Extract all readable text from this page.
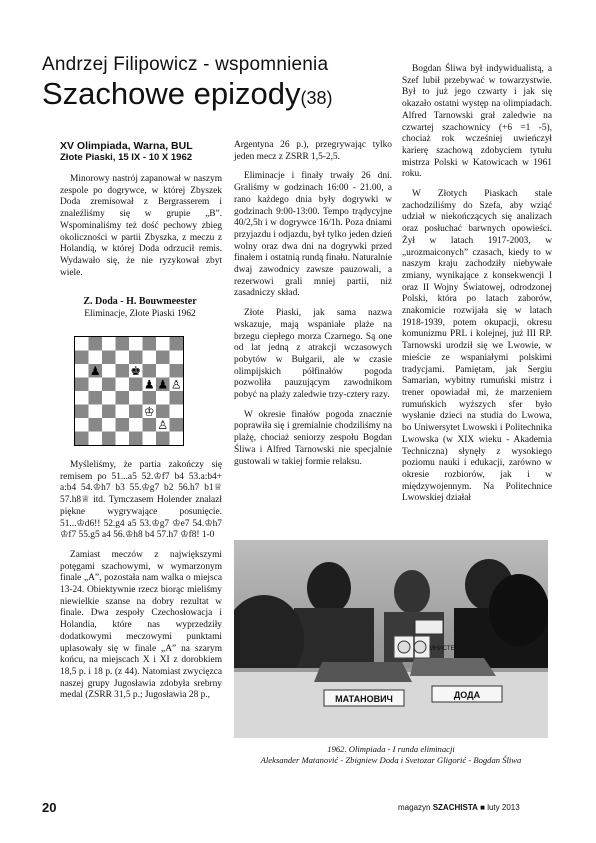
Andrzej Filipowicz - wspomnienia
Szachowe epizody(38)
XV Olimpiada, Warna, BUL
Złote Piaski, 15 IX - 10 X 1962

Minorowy nastrój zapanował w naszym zespole po dogrywce, w której Zbyszek Doda zremisował z Bergrasserem i znaleźliśmy się w grupie „B”. Wspominaliśmy też dość pechowy zbieg okoliczności w partii Zbyszka, z meczu z Holandią, w której Doda odrzucił remis. Wydawało się, że nie ryzykował zbyt wiele.

Z. Doda - H. Bouwmeester
Eliminacje, Złote Piaski 1962
♟ ♚
♟ ♟ ♙
♔
♙

Myśleliśmy, że partia zakończy się remisem po 51...a5 52.♔f7 b4 53.a:b4+ a:b4 54.♔h7 b3 55.♔g7 b2 56.h7 b1♕ 57.h8♕ itd. Tymczasem Holender znalazł piękne wygrywające posunięcie. 51...♔d6!! 52.g4 a5 53.♔g7 ♔e7 54.♔h7 ♔f7 55.g5 a4 56.♔h8 b4 57.h7 ♔f8! 1-0

Zamiast meczów z największymi potęgami szachowymi, w wymarzonym finale „A”, pozostała nam walka o miejsca 13-24. Obiektywnie rzecz biorąc mieliśmy niewielkie szanse na dobry rezultat w finale. Dwa zespoły Czechosłowacja i Holandia, które nas wyprzedziły dodatkowymi meczowymi punktami uplasowały się w finale „A” na szarym końcu, na miejscach X i XI z dorobkiem 18,5 p. i 18 p. (z 44). Natomiast zwycięzca naszej grupy Jugosławia zdobyła srebrny medal (ZSRR 31,5 p.; Jugosławia 28 p.,

Argentyna 26 p.), przegrywając tylko jeden mecz z ZSRR 1,5-2,5.

Eliminacje i finały trwały 26 dni. Graliśmy w godzinach 16:00 - 21.00, a rano każdego dnia były dogrywki w godzinach 9:00-13:00. Tempo trądycyjne 40/2,5h i w dogrywce 16/1h. Poza dniami przyjazdu i odjazdu, był tylko jeden dzień wolny oraz dwa dni na dogrywki przed finałem i ostatnią rundą finału. Naturalnie dwaj zawodnicy zawsze pauzowali, a rezerwowi grali mniej partii, niż zasadniczy skład.

Złote Piaski, jak sama nazwa wskazuje, mają wspaniałe plaże na brzegu ciepłego morza Czarnego. Są one od lat jedną z atrakcji wczasowych pobytów w Bułgarii, ale w czasie olimpijskich półfinałów pogoda pozwoliła pauzującym zawodnikom pobyć na plaży zaledwie trzy-cztery razy.

W okresie finałów pogoda znacznie poprawiła się i gremialnie chodziliśmy na plażę, chociaż seniorzy zespołu Bogdan Śliwa i Alfred Tarnowski nie specjalnie gustowali w takiej formie relaksu.

Bogdan Śliwa był indywidualistą, a Szef lubił przebywać w towarzystwie. Był to już jego czwarty i jak się okazało ostatni występ na olimpiadach. Alfred Tarnowski grał zaledwie na czwartej szachownicy (+6 =1 -5), chociaż rok wcześniej uwieńczył karierę szachową zdobyciem tytułu mistrza Polski w Katowicach w 1961 roku.

W Złotych Piaskach stale zachodziliśmy do Szefa, aby wziąć udział w niekończących się analizach oraz posłuchać barwnych opowieści. Żył w latach 1917-2003, w „urozmaiconych” czasach, kiedy to w naszym kraju zachodziły niebywałe zmiany, wynikające z konsekwencji I oraz II Wojny Światowej, odrodzonej Polski, która po latach zaborów, znakomicie rozwijała się w latach 1918-1939, potem okupacji, okresu komunizmu PRL i kolejnej, już III RP. Tarnowski urodził się we Lwowie, w mieście ze wspaniałymi polskimi tradycjami. Pamiętam, jak Sergiu Samarian, wybitny rumuński mistrz i trener opowiadał mi, że marzeniem rumuńskich wyższych sfer było wysłanie dzieci na studia do Lwowa, bo Uniwersytet Lwowski i Politechnika Lwowska (w XIX wieku - Akademia Techniczna) słynęły z wysokiego poziomu nauki i edukacji, zarówno w okresie rozbiorów, jak i w międzywojennym. Na Politechnice Lwowskiej działał

МНИСТЕР
МАТАНОВИЧ	ДОДА
1962. Olimpiada - I runda eliminacji
Aleksander Matanović - Zbigniew Doda i Svetozar Gligorić - Bogdan Śliwa
20	magazyn SZACHISTA ■ luty 2013
